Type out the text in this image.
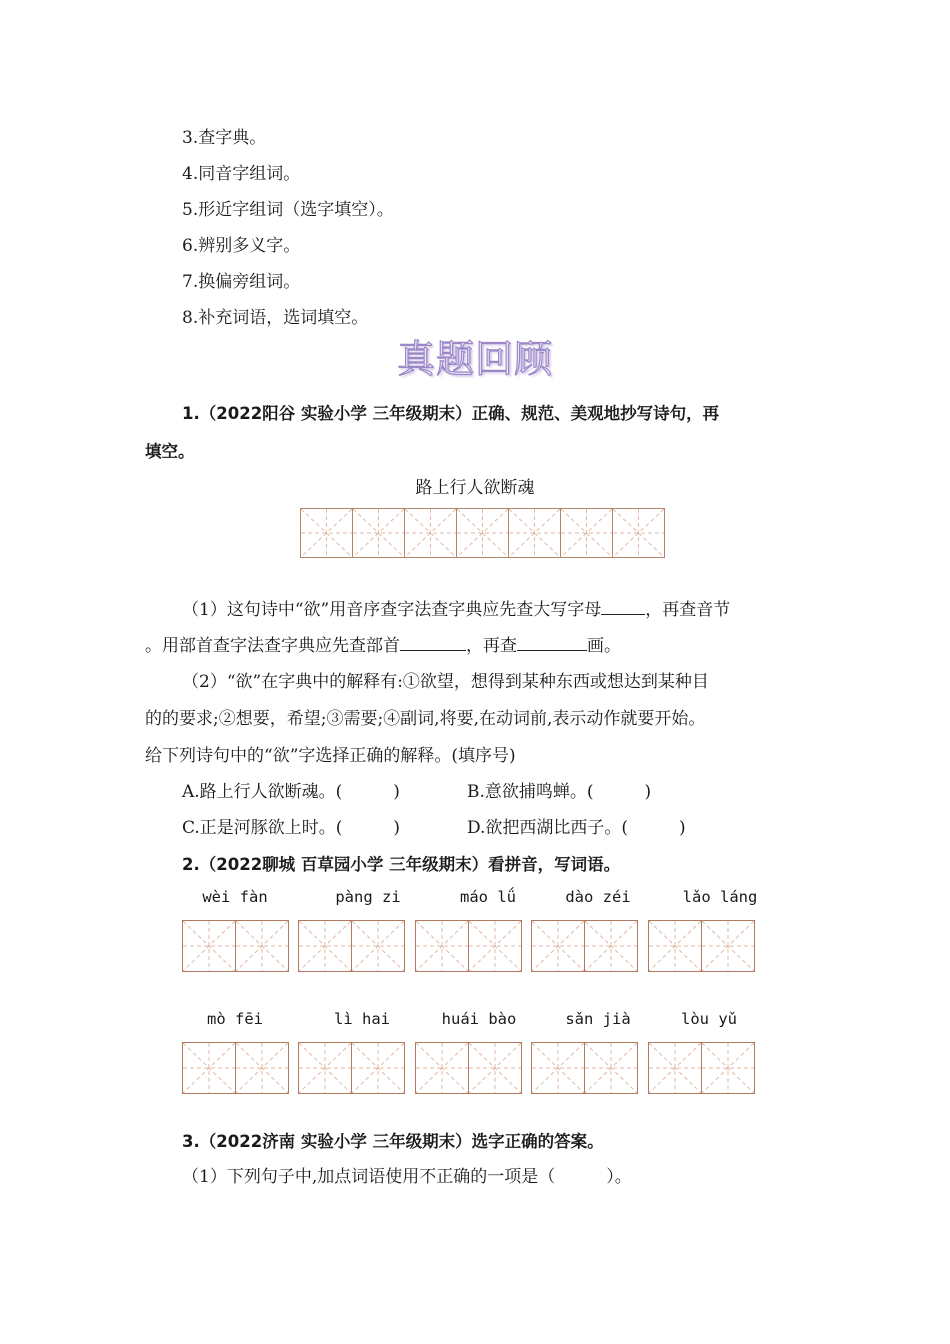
3.查字典。
4.同音字组词。
5.形近字组词（选字填空）。
6.辨别多义字。
7.换偏旁组词。
8.补充词语，选词填空。
真题回顾
1.（2022阳谷 实验小学 三年级期末）正确、规范、美观地抄写诗句，再
填空。
路上行人欲断魂
（1）这句诗中“欲”用音序查字法查字典应先查大写字母	，再查音节
。用部首查字法查字典应先查部首	，再查	画。
（2）“欲”在字典中的解释有:①欲望，想得到某种东西或想达到某种目
的的要求;②想要，希望;③需要;④副词,将要,在动词前,表示动作就要开始。
给下列诗句中的“欲”字选择正确的解释。(填序号)
A.路上行人欲断魂。(　　　)	B.意欲捕鸣蝉。(　　　)
C.正是河豚欲上时。(　　　)	D.欲把西湖比西子。(　　　)
2.（2022聊城 百草园小学 三年级期末）看拼音，写词语。
wèi fàn	pàng zi	máo lǘ	dào zéi	lǎo láng
mò fēi	lì hai	huái bào	sǎn jià	lòu yǔ
3.（2022济南 实验小学 三年级期末）选字正确的答案。
（1）下列句子中,加点词语使用不正确的一项是（　　　）。
